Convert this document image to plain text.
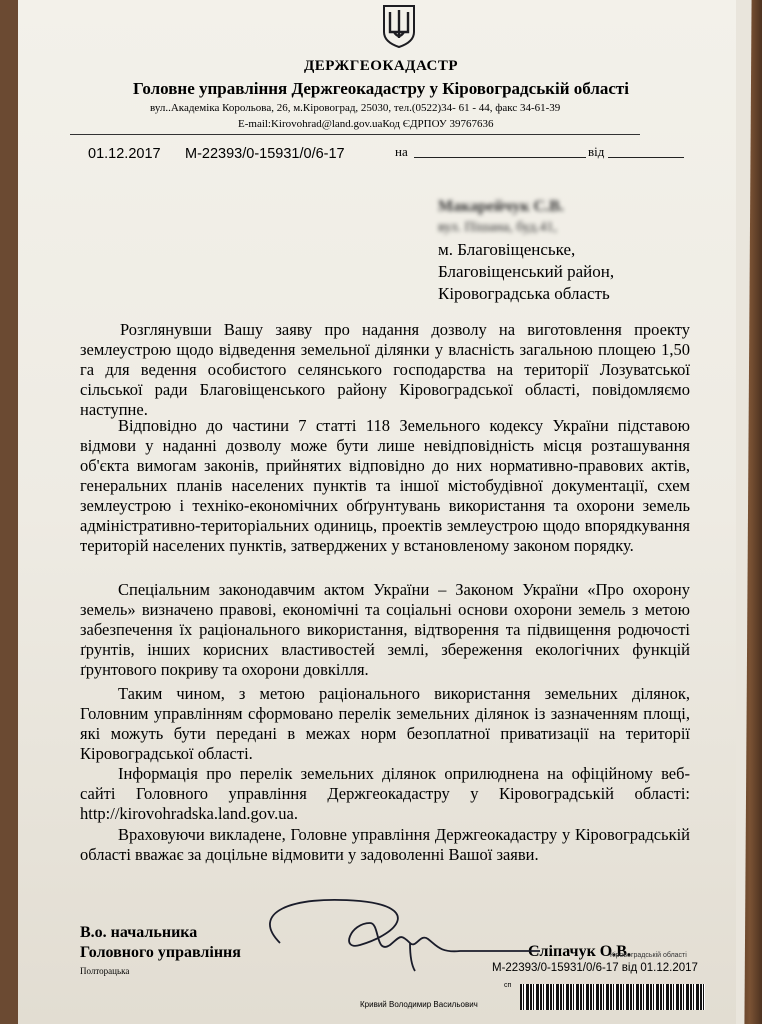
ДЕРЖГЕОКАДАСТР
Головне управління Держгеокадастру у Кіровоградській області
вул..Академіка Корольова, 26, м.Кіровоград, 25030, тел.(0522)34- 61 - 44, факс 34-61-39
E-mail:Kirovohrad@land.gov.uaКод ЄДРПОУ 39767636
01.12.2017 М-22393/0-15931/0/6-17	на	від
Макарейчук С.В.
вул. Пішана, буд.41,
м. Благовіщенське,
Благовіщенський район,
Кіровоградська область
Розглянувши Вашу заяву про надання дозволу на виготовлення проекту землеустрою щодо відведення земельної ділянки у власність загальною площею 1,50 га для ведення особистого селянського господарства на території Лозуватської сільської ради Благовіщенського району Кіровоградської області, повідомляємо наступне.
Відповідно до частини 7 статті 118 Земельного кодексу України підставою відмови у наданні дозволу може бути лише невідповідність місця розташування об'єкта вимогам законів, прийнятих відповідно до них нормативно-правових актів, генеральних планів населених пунктів та іншої містобудівної документації, схем землеустрою і техніко-економічних обґрунтувань використання та охорони земель адміністративно-територіальних одиниць, проектів землеустрою щодо впорядкування територій населених пунктів, затверджених у встановленому законом порядку.
Спеціальним законодавчим актом України – Законом України «Про охорону земель» визначено правові, економічні та соціальні основи охорони земель з метою забезпечення їх раціонального використання, відтворення та підвищення родючості ґрунтів, інших корисних властивостей землі, збереження екологічних функцій ґрунтового покриву та охорони довкілля.
Таким чином, з метою раціонального використання земельних ділянок, Головним управлінням сформовано перелік земельних ділянок із зазначенням площі, які можуть бути передані в межах норм безоплатної приватизації на території Кіровоградської області.
Інформація про перелік земельних ділянок оприлюднена на офіційному веб-сайті Головного управління Держгеокадастру у Кіровоградській області: http://kirovohradska.land.gov.ua.
Враховуючи викладене, Головне управління Держгеокадастру у Кіровоградській області вважає за доцільне відмовити у задоволенні Вашої заяви.
В.о. начальника
Головного управління	Сліпачук О.В.
Полторацька
Кіровоградській області
М-22393/0-15931/0/6-17 від 01.12.2017
сп
Кривий Володимир Васильович
